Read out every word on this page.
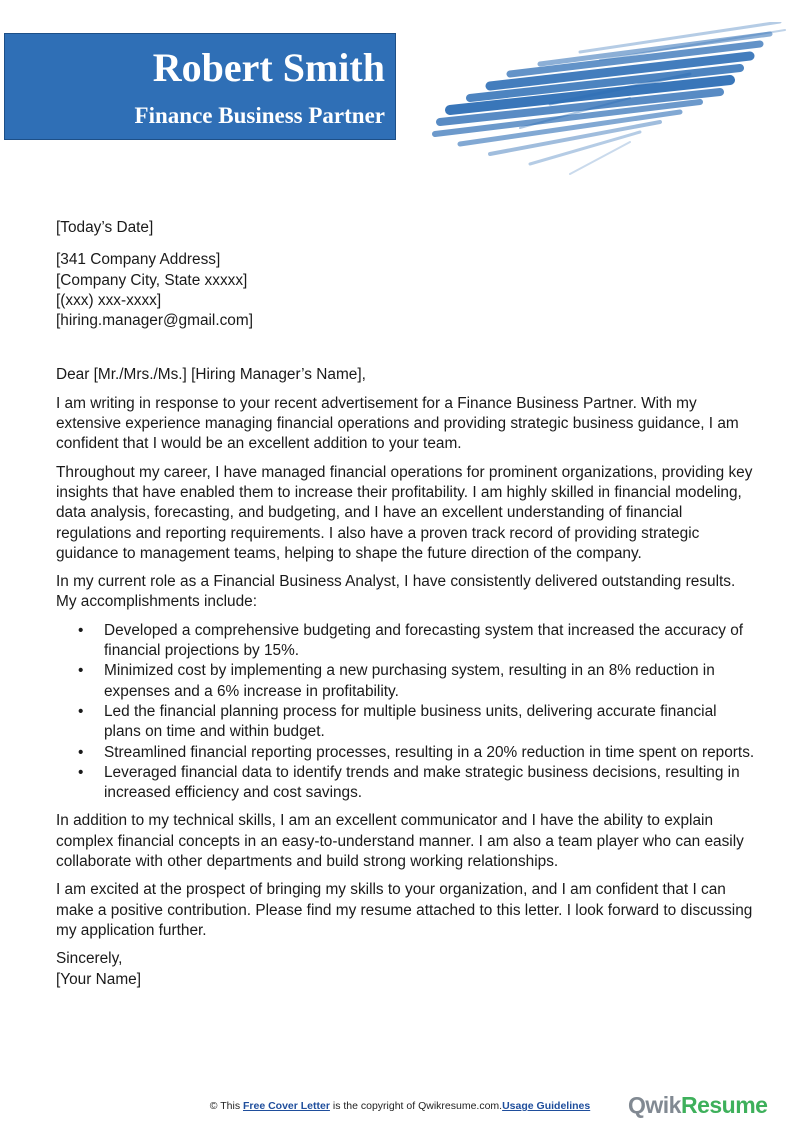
Robert Smith
Finance Business Partner
[Today’s Date]
[341 Company Address]
[Company City, State xxxxx]
[(xxx) xxx-xxxx]
[hiring.manager@gmail.com]

Dear [Mr./Mrs./Ms.] [Hiring Manager’s Name],

I am writing in response to your recent advertisement for a Finance Business Partner. With my extensive experience managing financial operations and providing strategic business guidance, I am confident that I would be an excellent addition to your team.

Throughout my career, I have managed financial operations for prominent organizations, providing key insights that have enabled them to increase their profitability. I am highly skilled in financial modeling, data analysis, forecasting, and budgeting, and I have an excellent understanding of financial regulations and reporting requirements. I also have a proven track record of providing strategic guidance to management teams, helping to shape the future direction of the company.

In my current role as a Financial Business Analyst, I have consistently delivered outstanding results. My accomplishments include:

• Developed a comprehensive budgeting and forecasting system that increased the accuracy of financial projections by 15%.
• Minimized cost by implementing a new purchasing system, resulting in an 8% reduction in expenses and a 6% increase in profitability.
• Led the financial planning process for multiple business units, delivering accurate financial plans on time and within budget.
• Streamlined financial reporting processes, resulting in a 20% reduction in time spent on reports.
• Leveraged financial data to identify trends and make strategic business decisions, resulting in increased efficiency and cost savings.

In addition to my technical skills, I am an excellent communicator and I have the ability to explain complex financial concepts in an easy-to-understand manner. I am also a team player who can easily collaborate with other departments and build strong working relationships.

I am excited at the prospect of bringing my skills to your organization, and I am confident that I can make a positive contribution. Please find my resume attached to this letter. I look forward to discussing my application further.

Sincerely,
[Your Name]
© This Free Cover Letter is the copyright of Qwikresume.com.Usage Guidelines	QwikResume
